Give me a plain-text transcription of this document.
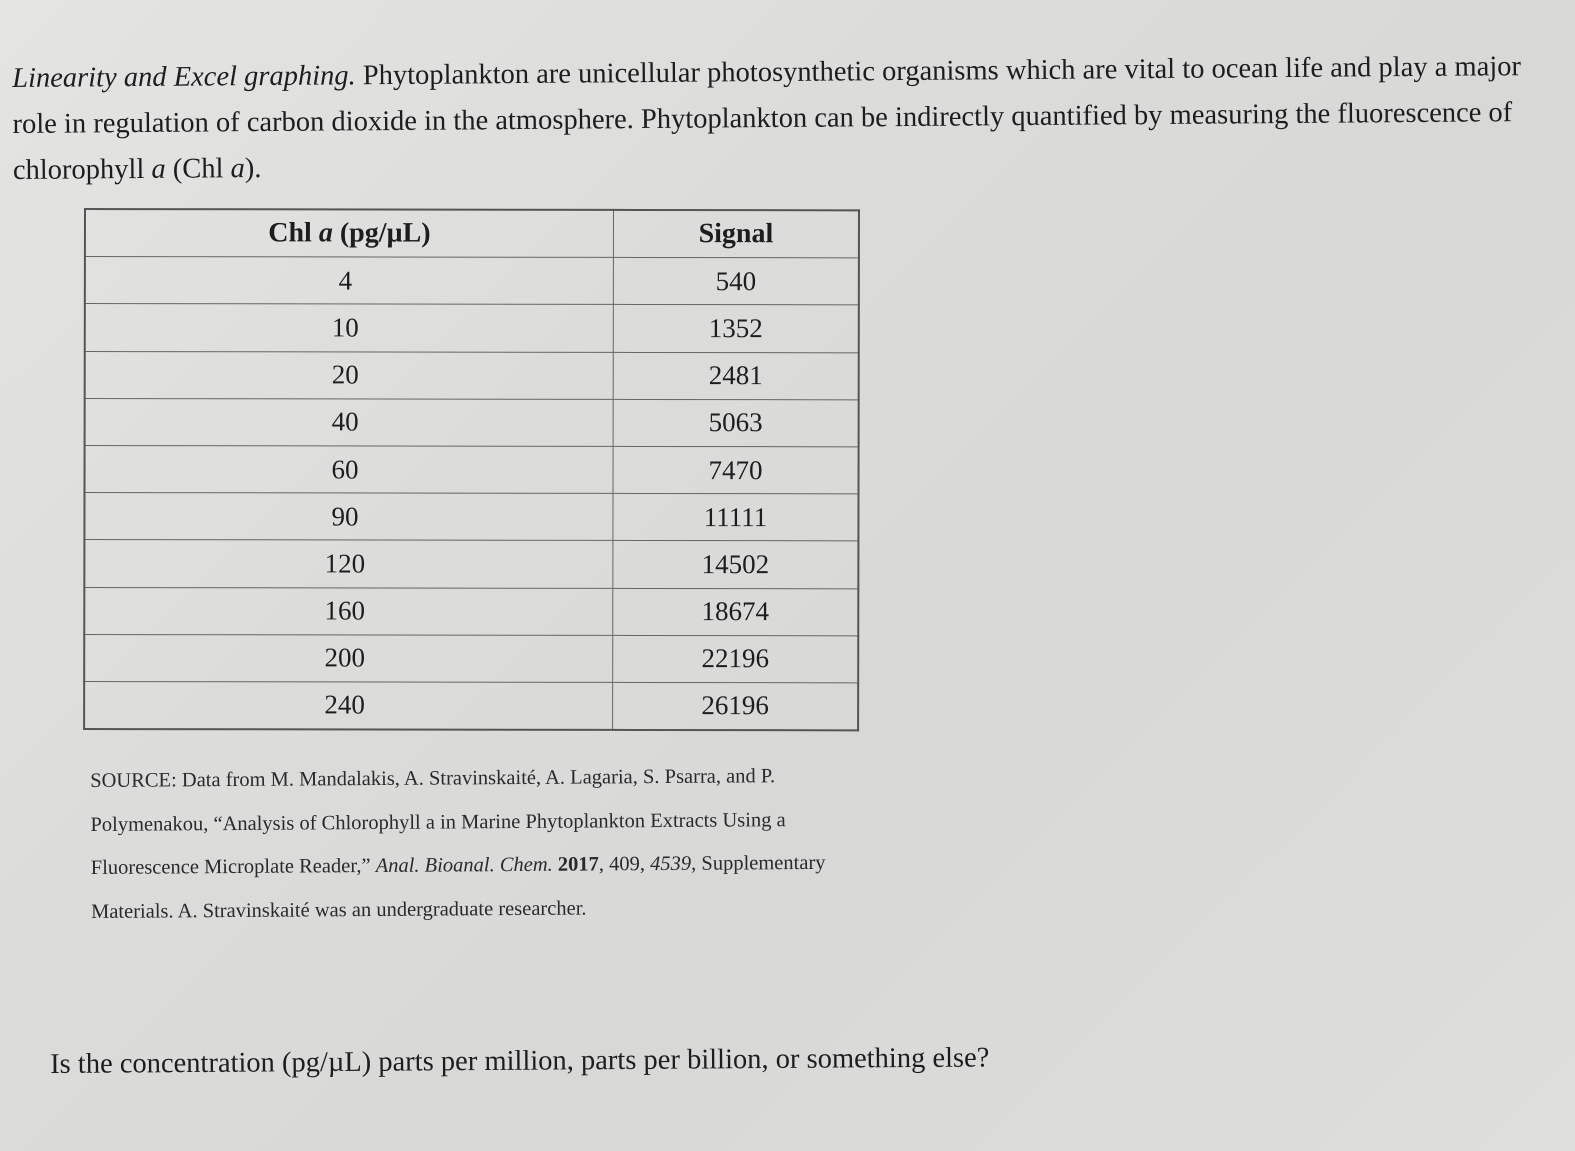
Linearity and Excel graphing. Phytoplankton are unicellular photosynthetic organisms which are vital to ocean life and play a major role in regulation of carbon dioxide in the atmosphere. Phytoplankton can be indirectly quantified by measuring the fluorescence of chlorophyll a (Chl a).
Chl a (pg/µL)	Signal
4	540
10	1352
20	2481
40	5063
60	7470
90	11111
120	14502
160	18674
200	22196
240	26196
SOURCE: Data from M. Mandalakis, A. Stravinskaité, A. Lagaria, S. Psarra, and P. Polymenakou, “Analysis of Chlorophyll a in Marine Phytoplankton Extracts Using a Fluorescence Microplate Reader,” Anal. Bioanal. Chem. 2017, 409, 4539, Supplementary Materials. A. Stravinskaité was an undergraduate researcher.
Is the concentration (pg/µL) parts per million, parts per billion, or something else?
